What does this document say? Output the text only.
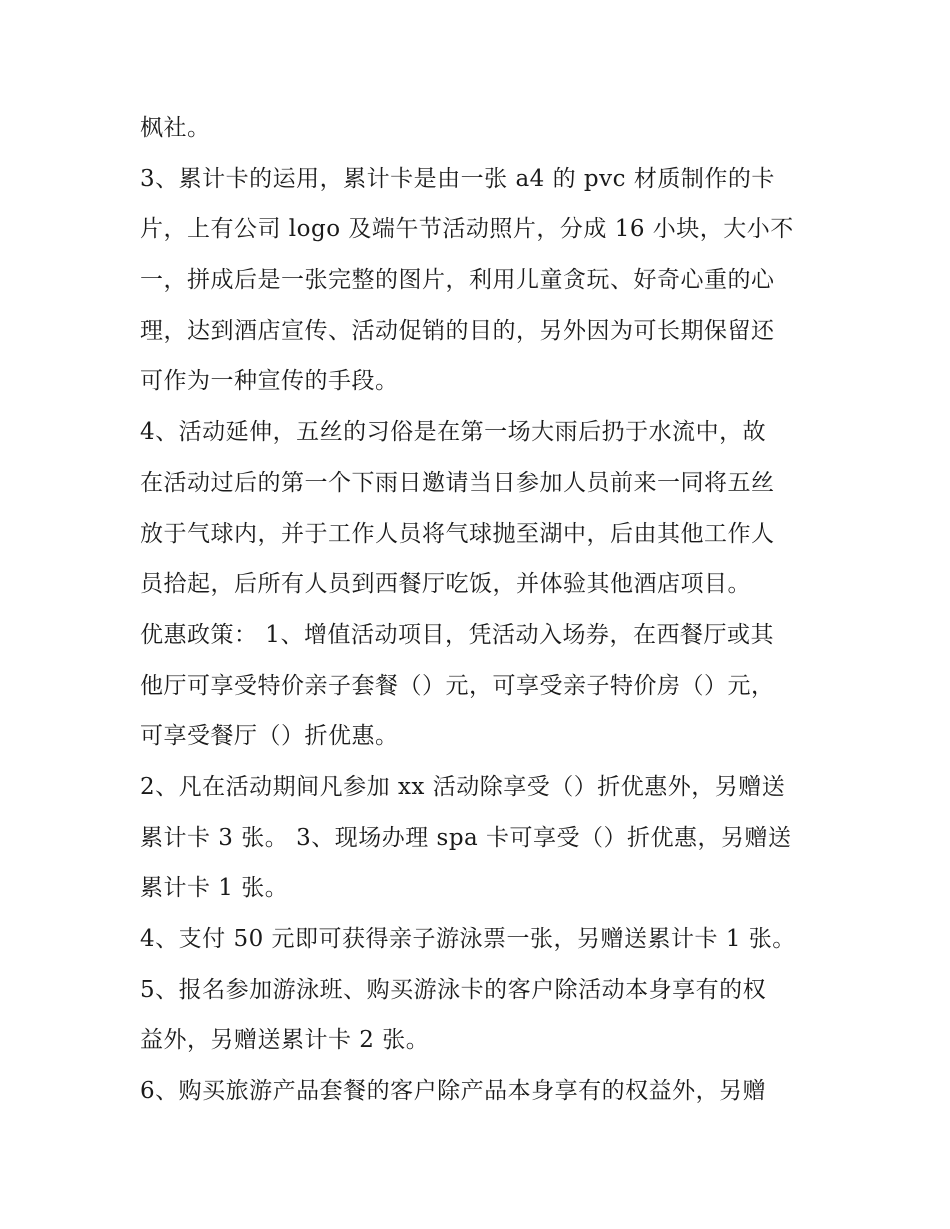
枫社。
3、累计卡的运用，累计卡是由一张 a4 的 pvc 材质制作的卡
片，上有公司 logo 及端午节活动照片，分成 16 小块，大小不
一，拼成后是一张完整的图片，利用儿童贪玩、好奇心重的心
理，达到酒店宣传、活动促销的目的，另外因为可长期保留还
可作为一种宣传的手段。
4、活动延伸，五丝的习俗是在第一场大雨后扔于水流中，故
在活动过后的第一个下雨日邀请当日参加人员前来一同将五丝
放于气球内，并于工作人员将气球抛至湖中，后由其他工作人
员拾起，后所有人员到西餐厅吃饭，并体验其他酒店项目。
优惠政策： 1、增值活动项目，凭活动入场券，在西餐厅或其
他厅可享受特价亲子套餐（）元，可享受亲子特价房（）元，
可享受餐厅（）折优惠。
2、凡在活动期间凡参加 xx 活动除享受（）折优惠外，另赠送
累计卡 3 张。 3、现场办理 spa 卡可享受（）折优惠，另赠送
累计卡 1 张。
4、支付 50 元即可获得亲子游泳票一张，另赠送累计卡 1 张。
5、报名参加游泳班、购买游泳卡的客户除活动本身享有的权
益外，另赠送累计卡 2 张。
6、购买旅游产品套餐的客户除产品本身享有的权益外，另赠
